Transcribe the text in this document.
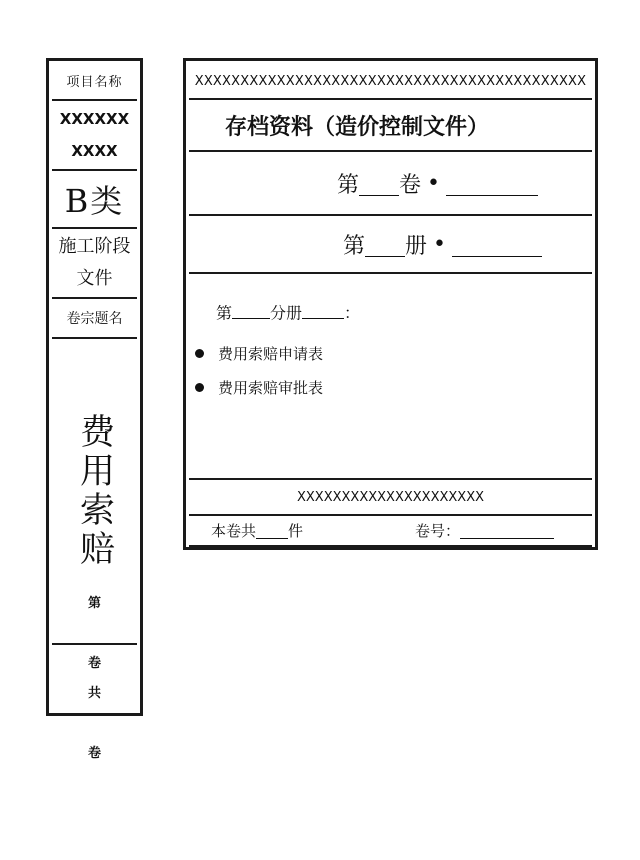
项目名称
XXXXXXXXXX
B类
施工阶段文件
卷宗题名
费用索赔
第
卷
共
卷
XXXXXXXXXXXXXXXXXXXXXXXXXXXXXXXXXXXXXXXXXXX
存档资料（造价控制文件）
第 卷 •
第 册 •
第 分册	：
费用索赔申请表
费用索赔审批表
XXXXXXXXXXXXXXXXXXXXX
本卷共 件	卷号：
